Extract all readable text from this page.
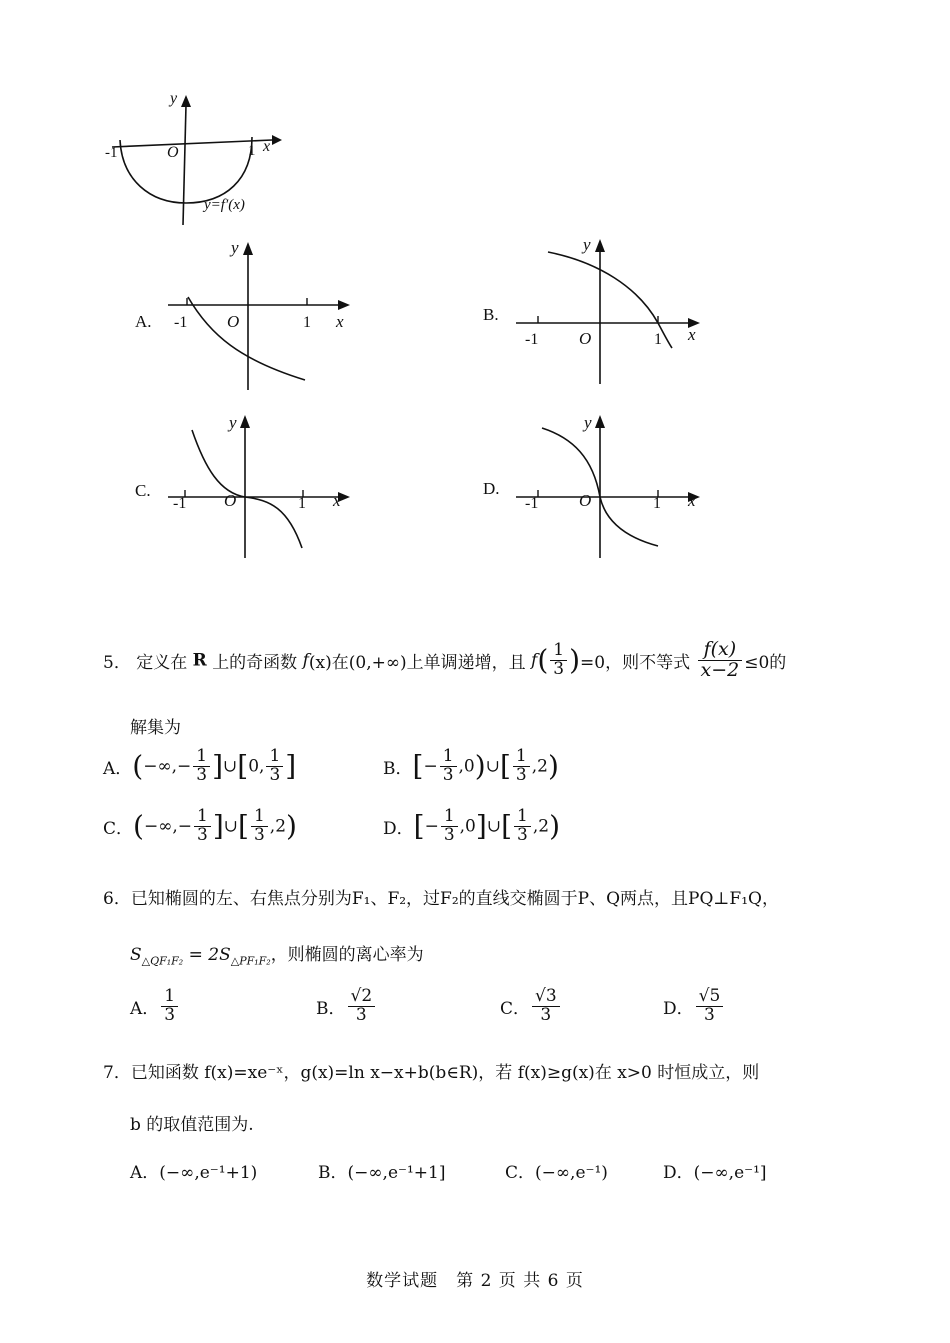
y
O
-1	1 x
y=f′(x)
A.
y
O
-1	1 x	B.
y
O
-1	1 x
C.
y
O
-1	1 x
D.
y
O
-1	1 x
5． 定义在 R 上的奇函数 f(x)在(0,+∞)上单调递增，且 $f( \frac{1}{3} )=0$，则不等式 $\frac{f(x)}{x-2} \le 0$的
解集为
A．(−∞,− $\frac{1}{3}$ ]∪[0, $\frac{1}{3}$ ]	B．[− $\frac{1}{3}$ ,0)∪[ $\frac{1}{3} ,2$)
C．(−∞,− $\frac{1}{3}$ ]∪[ $\frac{1}{3} ,2$)	D．[− $\frac{1}{3}$ ,0]∪[ $\frac{1}{3} ,2$)
6．已知椭圆的左、右焦点分别为F₁、F₂，过F₂的直线交椭圆于P、Q两点，且PQ⊥F₁Q，
$S_{\triangle QF_1F_2} = 2S_{\triangle PF_1F_2}$，则椭圆的离心率为
A． $\frac{1}{3}$	B． $\frac{√2}{3}$	C． $\frac{√3}{3}$	D． $\frac{√5}{3}$
7．已知函数 f(x)=xe⁻ˣ，g(x)=ln x−x+b(b∈R)，若 f(x)≥g(x)在 x>0 时恒成立，则
b 的取值范围为.
A．(−∞,e⁻¹+1)	B．(−∞,e⁻¹+1]	C．(−∞,e⁻¹)	D．(−∞,e⁻¹]
数学试题　第 2 页 共 6 页
